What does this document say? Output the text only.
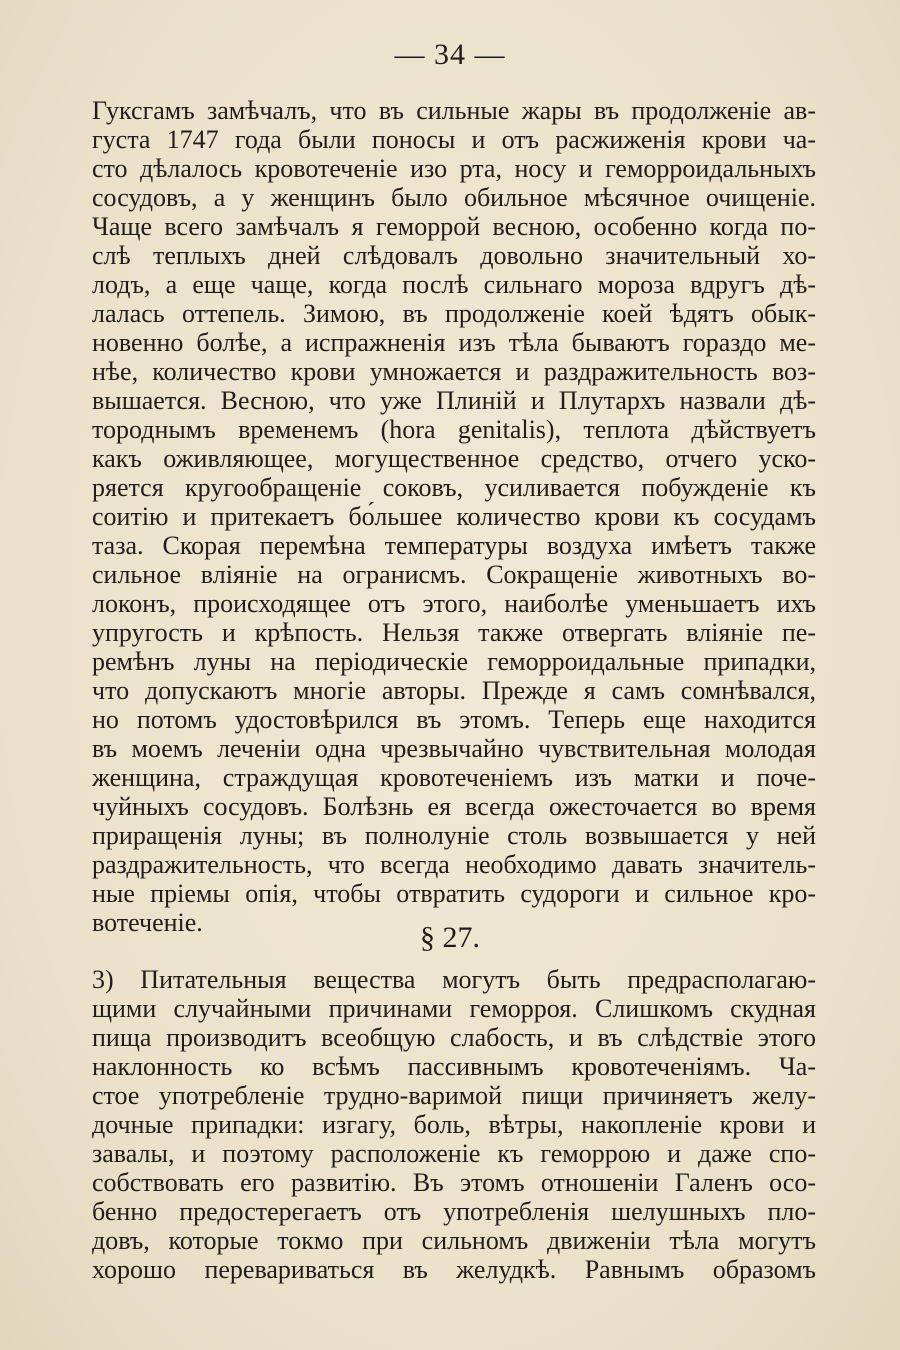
— 34 —
Гуксгамъ замѣчалъ, что въ сильные жары въ продолженіе ав-
густа 1747 года были поносы и отъ расжиженія крови ча-
сто дѣлалось кровотеченіе изо рта, носу и геморроидальныхъ
сосудовъ, а у женщинъ было обильное мѣсячное очищеніе.
Чаще всего замѣчалъ я геморрой весною, особенно когда по-
слѣ теплыхъ дней слѣдовалъ довольно значительный хо-
лодъ, а еще чаще, когда послѣ сильнаго мороза вдругъ дѣ-
лалась оттепель. Зимою, въ продолженіе коей ѣдятъ обык-
новенно болѣе, а испражненія изъ тѣла бываютъ гораздо ме-
нѣе, количество крови умножается и раздражительность воз-
вышается. Весною, что уже Плиній и Плутархъ назвали дѣ-
тороднымъ временемъ (hora genitalis), теплота дѣйствуетъ
какъ оживляющее, могущественное средство, отчего уско-
ряется кругообращеніе соковъ, усиливается побужденіе къ
соитію и притекаетъ бо́льшее количество крови къ сосудамъ
таза. Скорая перемѣна температуры воздуха имѣетъ также
сильное вліяніе на огранисмъ. Сокращеніе животныхъ во-
локонъ, происходящее отъ этого, наиболѣе уменьшаетъ ихъ
упругость и крѣпость. Нельзя также отвергать вліяніе пе-
ремѣнъ луны на періодическіе геморроидальные припадки,
что допускаютъ многіе авторы. Прежде я самъ сомнѣвался,
но потомъ удостовѣрился въ этомъ. Теперь еще находится
въ моемъ леченіи одна чрезвычайно чувствительная молодая
женщина, страждущая кровотеченіемъ изъ матки и поче-
чуйныхъ сосудовъ. Болѣзнь ея всегда ожесточается во время
приращенія луны; въ полнолуніе столь возвышается у ней
раздражительность, что всегда необходимо давать значитель-
ные пріемы опія, чтобы отвратить судороги и сильное кро-
вотеченіе.	§ 27.
3) Питательныя вещества могутъ быть предрасполагаю-
щими случайными причинами геморроя. Слишкомъ скудная
пища производитъ всеобщую слабость, и въ слѣдствіе этого
наклонность ко всѣмъ пассивнымъ кровотеченіямъ. Ча-
стое употребленіе трудно-варимой пищи причиняетъ желу-
дочные припадки: изгагу, боль, вѣтры, накопленіе крови и
завалы, и поэтому расположеніе къ геморрою и даже спо-
собствовать его развитію. Въ этомъ отношеніи Галенъ осо-
бенно предостерегаетъ отъ употребленія шелушныхъ пло-
довъ, которые токмо при сильномъ движеніи тѣла могутъ
хорошо перевариваться въ желудкѣ. Равнымъ образомъ
